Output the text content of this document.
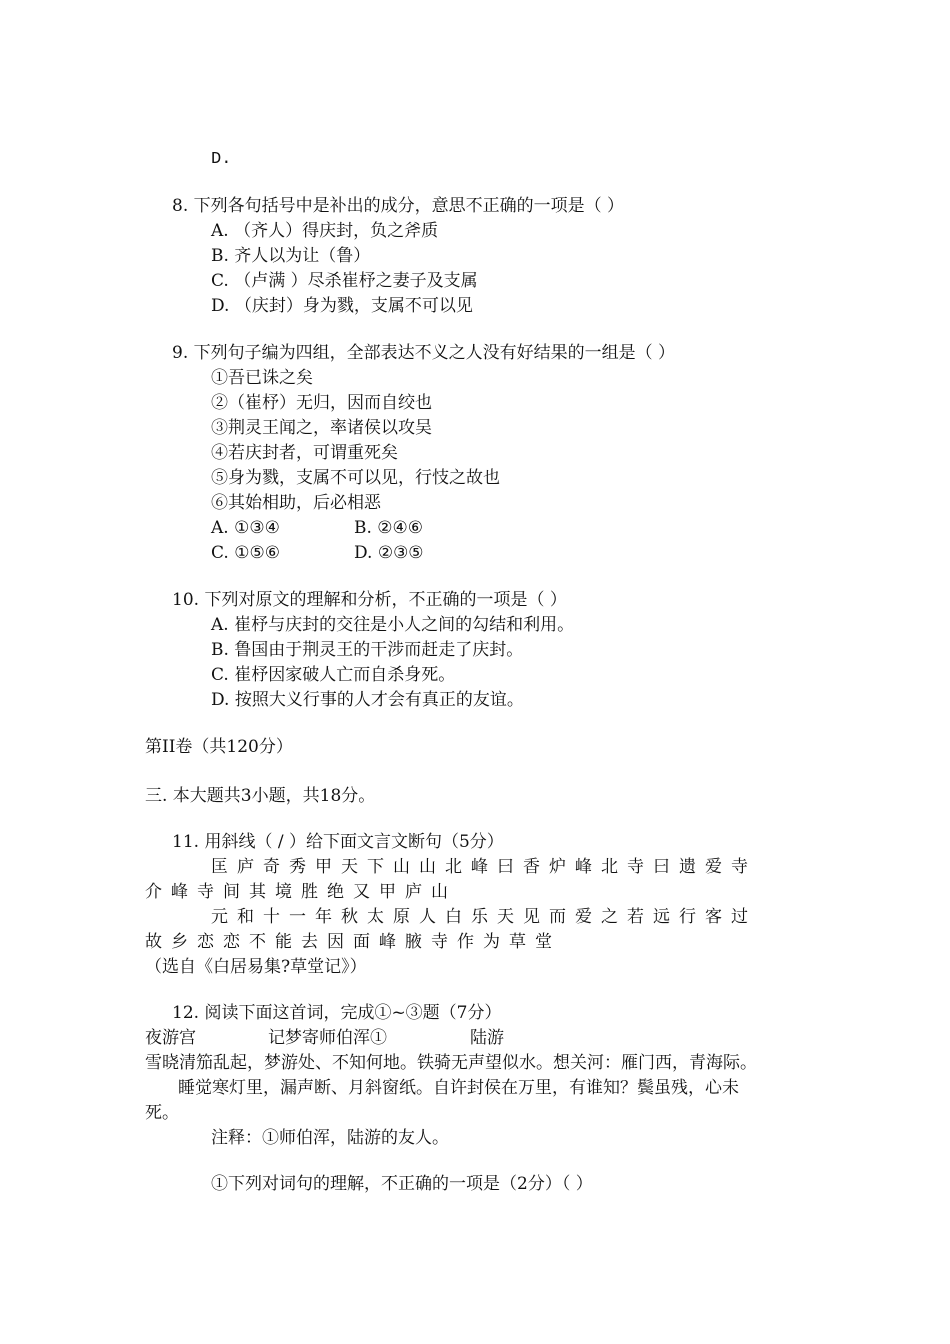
D.
8. 下列各句括号中是补出的成分，意思不正确的一项是（ ）
A. （齐人）得庆封，负之斧质
B. 齐人以为让（鲁）
C. （卢满 ）尽杀崔杼之妻子及支属
D. （庆封）身为戮，支属不可以见
9. 下列句子编为四组，全部表达不义之人没有好结果的一组是（ ）
①吾已诛之矣
②（崔杼）无归，因而自绞也
③荆灵王闻之，率诸侯以攻吴
④若庆封者，可谓重死矣
⑤身为戮，支属不可以见，行忮之故也
⑥其始相助，后必相恶
A. ①③④	B. ②④⑥
C. ①⑤⑥	D. ②③⑤
10. 下列对原文的理解和分析，不正确的一项是（ ）
A. 崔杼与庆封的交往是小人之间的勾结和利用。
B. 鲁国由于荆灵王的干涉而赶走了庆封。
C. 崔杼因家破人亡而自杀身死。
D. 按照大义行事的人才会有真正的友谊。
第II卷（共120分）
三. 本大题共3小题，共18分。
11. 用斜线（ / ）给下面文言文断句（5分）
匡庐奇秀甲天下山山北峰曰香炉峰北寺曰遗爱寺
介峰寺间其境胜绝又甲庐山
元和十一年秋太原人白乐天见而爱之若远行客过
故乡恋恋不能去因面峰腋寺作为草堂
（选自《白居易集?草堂记》）
12. 阅读下面这首词，完成①~③题（7分）
夜游宫	记梦寄师伯浑①	陆游
雪晓清笳乱起，梦游处、不知何地。铁骑无声望似水。想关河：雁门西，青海际。
睡觉寒灯里，漏声断、月斜窗纸。自许封侯在万里，有谁知？鬓虽残，心未
死。
注释：①师伯浑，陆游的友人。
①下列对词句的理解，不正确的一项是（2分）（ ）
